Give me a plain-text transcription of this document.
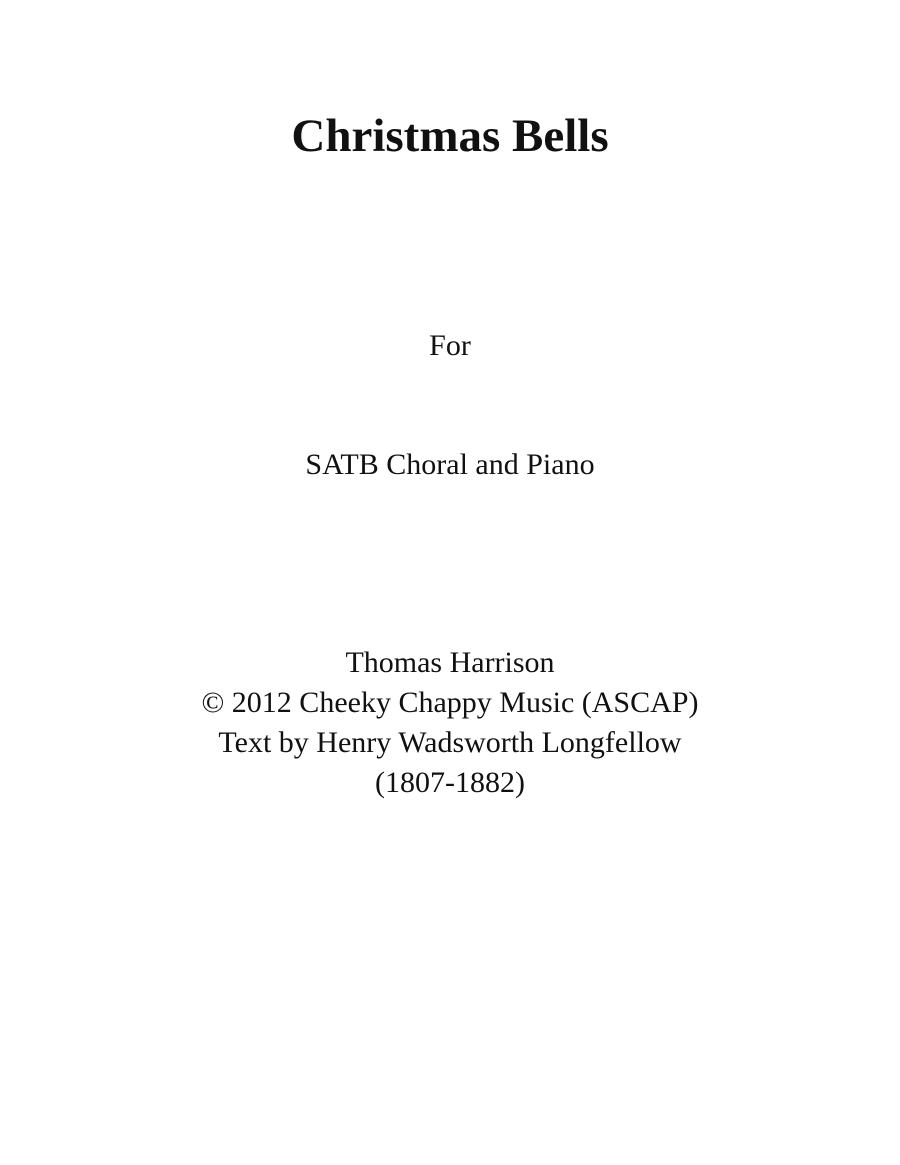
Christmas Bells

For

SATB Choral and Piano

Thomas Harrison
© 2012 Cheeky Chappy Music (ASCAP)
Text by Henry Wadsworth Longfellow
(1807-1882)
